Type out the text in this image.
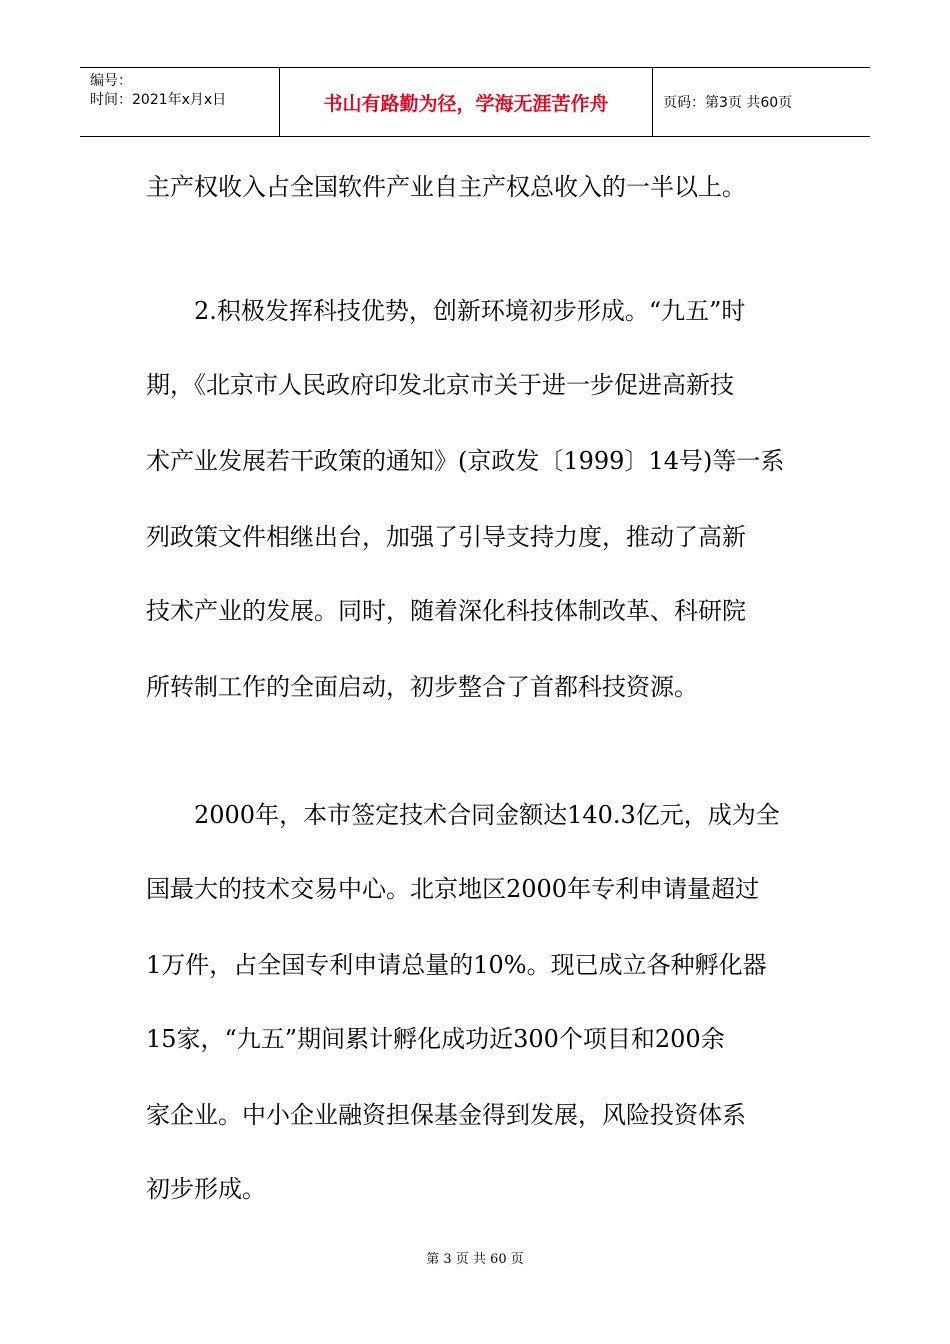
编号：
时间：2021年x月x日	书山有路勤为径，学海无涯苦作舟	页码：第3页 共60页
主产权收入占全国软件产业自主产权总收入的一半以上。
2.积极发挥科技优势，创新环境初步形成。“九五”时
期，《北京市人民政府印发北京市关于进一步促进高新技
术产业发展若干政策的通知》(京政发〔1999〕14号)等一系
列政策文件相继出台，加强了引导支持力度，推动了高新
技术产业的发展。同时，随着深化科技体制改革、科研院
所转制工作的全面启动，初步整合了首都科技资源。
2000年，本市签定技术合同金额达140.3亿元，成为全
国最大的技术交易中心。北京地区2000年专利申请量超过
1万件，占全国专利申请总量的10%。现已成立各种孵化器
15家，“九五”期间累计孵化成功近300个项目和200余
家企业。中小企业融资担保基金得到发展，风险投资体系
初步形成。
第 3 页 共 60 页
